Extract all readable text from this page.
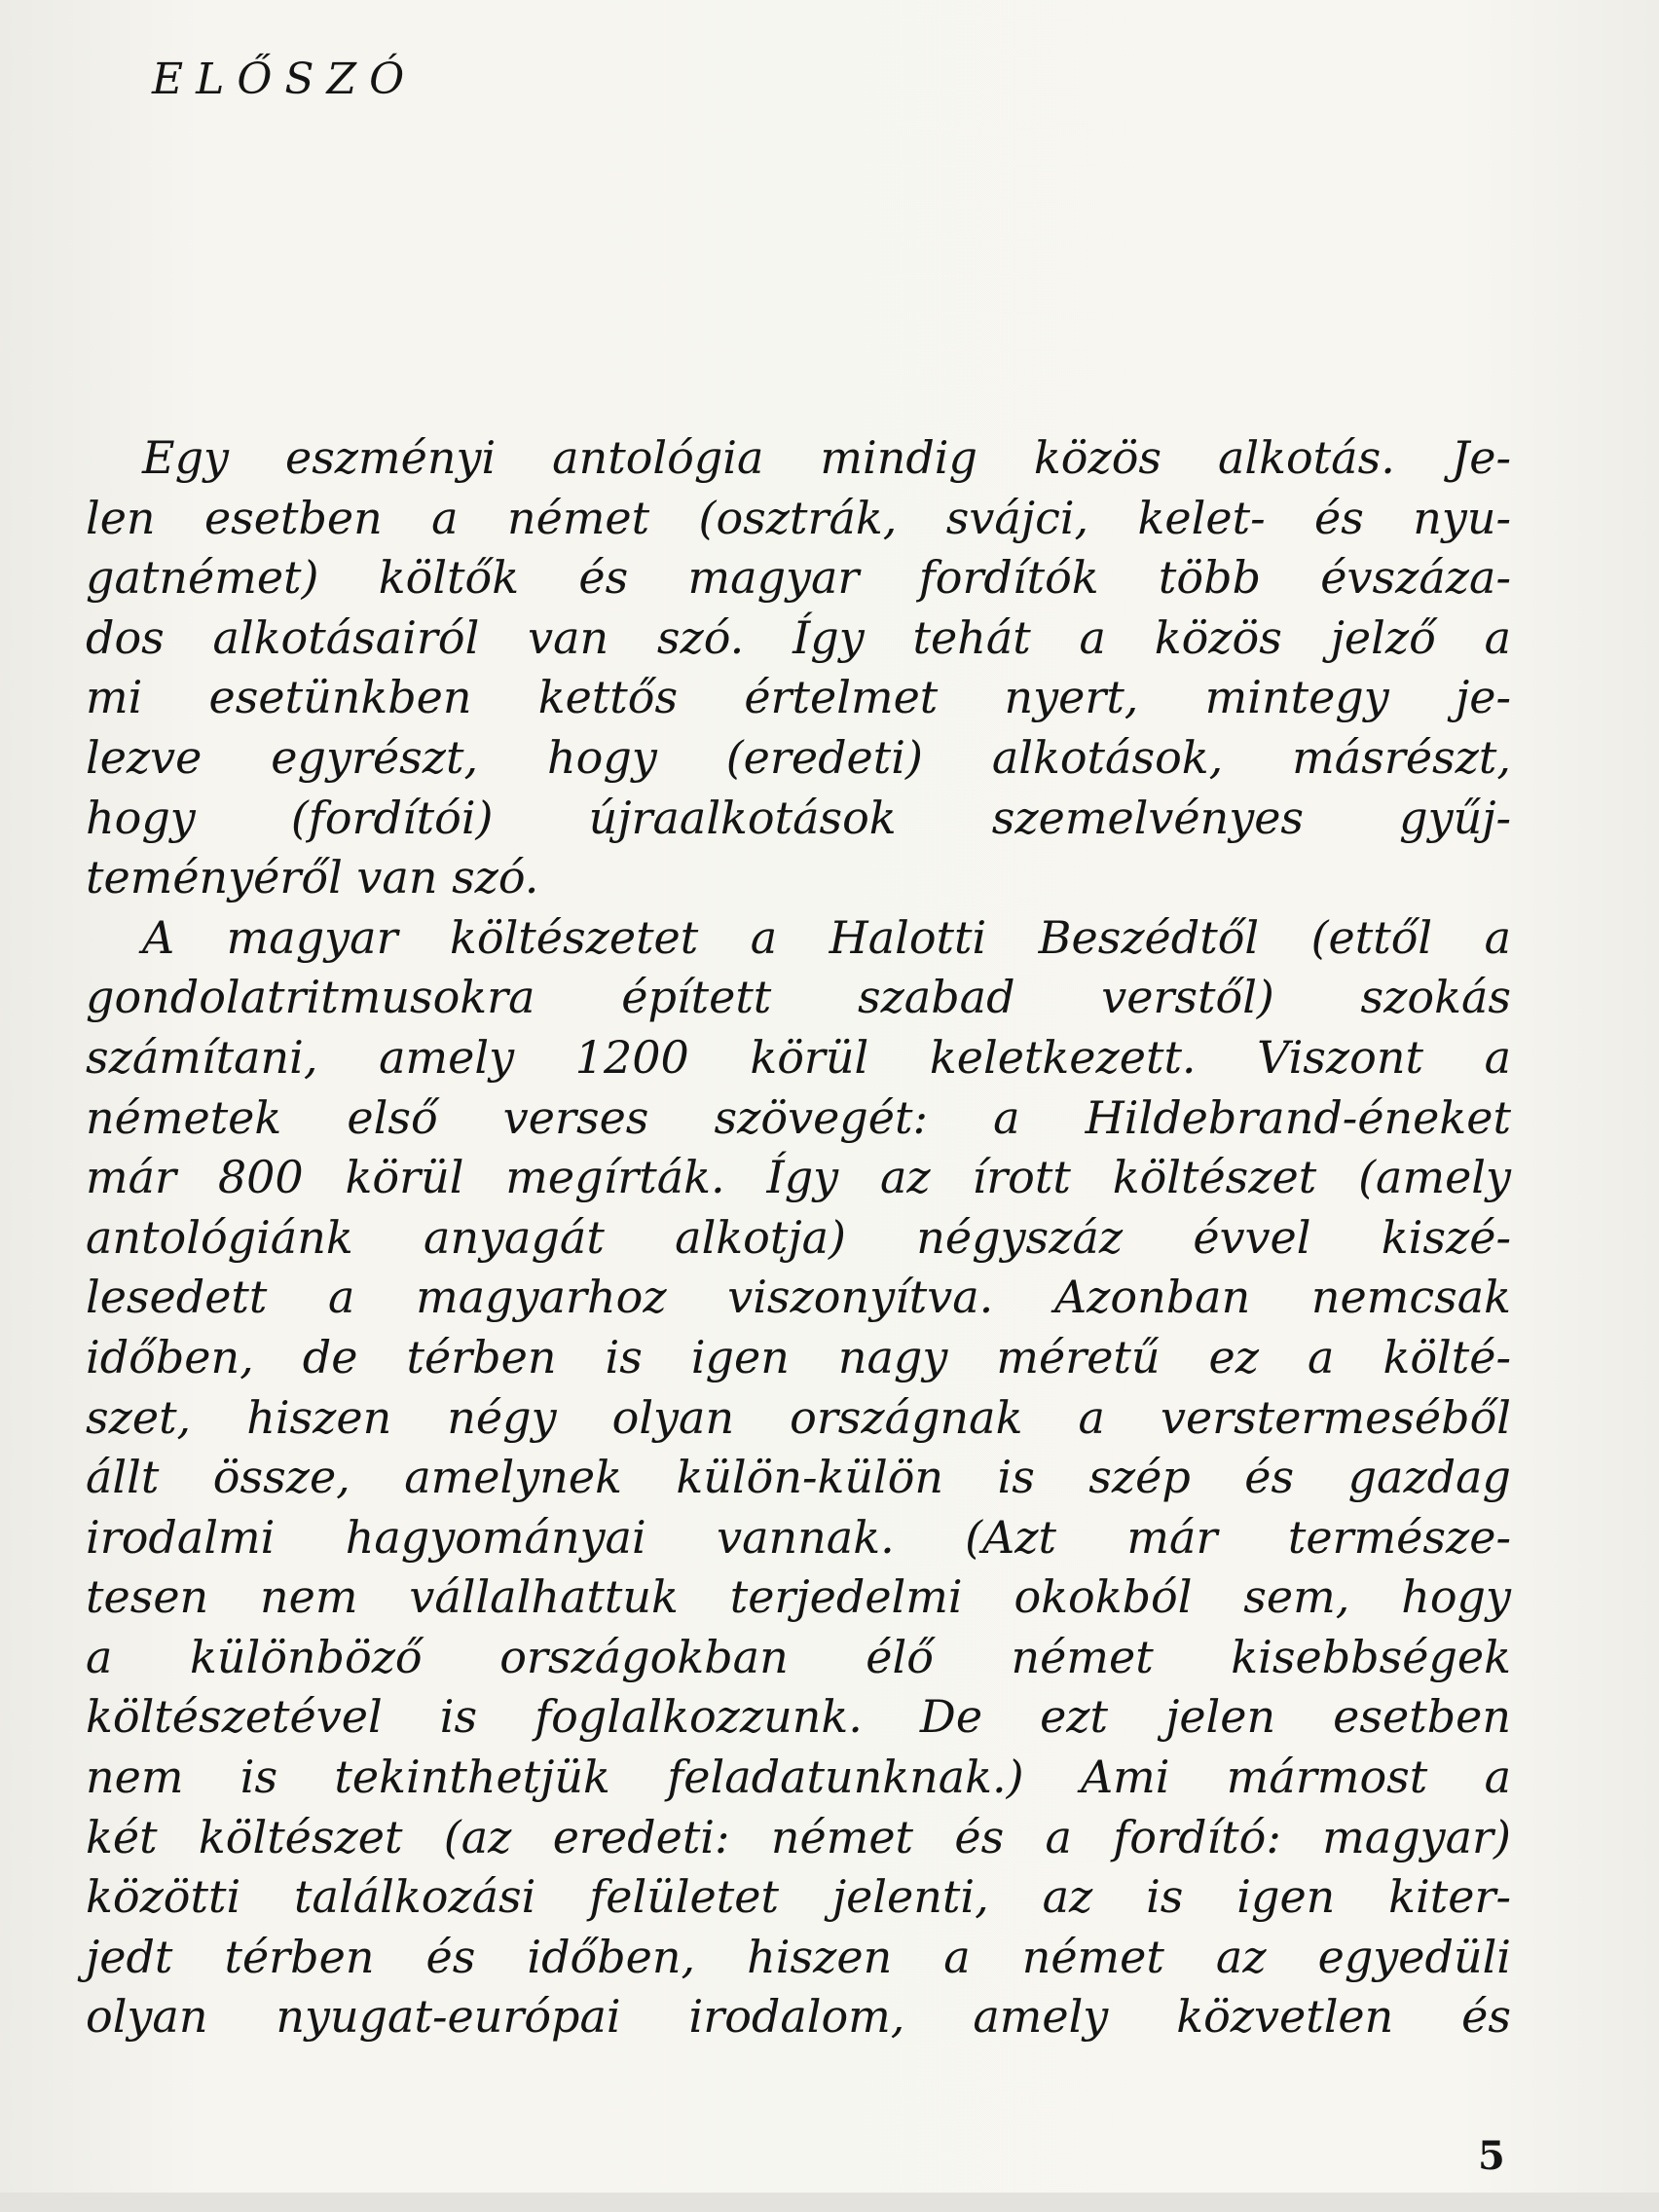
ELŐSZÓ
Egy eszményi antológia mindig közös alkotás. Je-
len esetben a német (osztrák, svájci, kelet- és nyu-
gatnémet) költők és magyar fordítók több évszáza-
dos alkotásairól van szó. Így tehát a közös jelző a
mi esetünkben kettős értelmet nyert, mintegy je-
lezve egyrészt, hogy (eredeti) alkotások, másrészt,
hogy (fordítói) újraalkotások szemelvényes gyűj-
teményéről van szó.
A magyar költészetet a Halotti Beszédtől (ettől a
gondolatritmusokra épített szabad verstől) szokás
számítani, amely 1200 körül keletkezett. Viszont a
németek első verses szövegét: a Hildebrand-éneket
már 800 körül megírták. Így az írott költészet (amely
antológiánk anyagát alkotja) négyszáz évvel kiszé-
lesedett a magyarhoz viszonyítva. Azonban nemcsak
időben, de térben is igen nagy méretű ez a költé-
szet, hiszen négy olyan országnak a verstermeséből
állt össze, amelynek külön-külön is szép és gazdag
irodalmi hagyományai vannak. (Azt már természe-
tesen nem vállalhattuk terjedelmi okokból sem, hogy
a különböző országokban élő német kisebbségek
költészetével is foglalkozzunk. De ezt jelen esetben
nem is tekinthetjük feladatunknak.) Ami mármost a
két költészet (az eredeti: német és a fordító: magyar)
közötti találkozási felületet jelenti, az is igen kiter-
jedt térben és időben, hiszen a német az egyedüli
olyan nyugat-európai irodalom, amely közvetlen és
5
